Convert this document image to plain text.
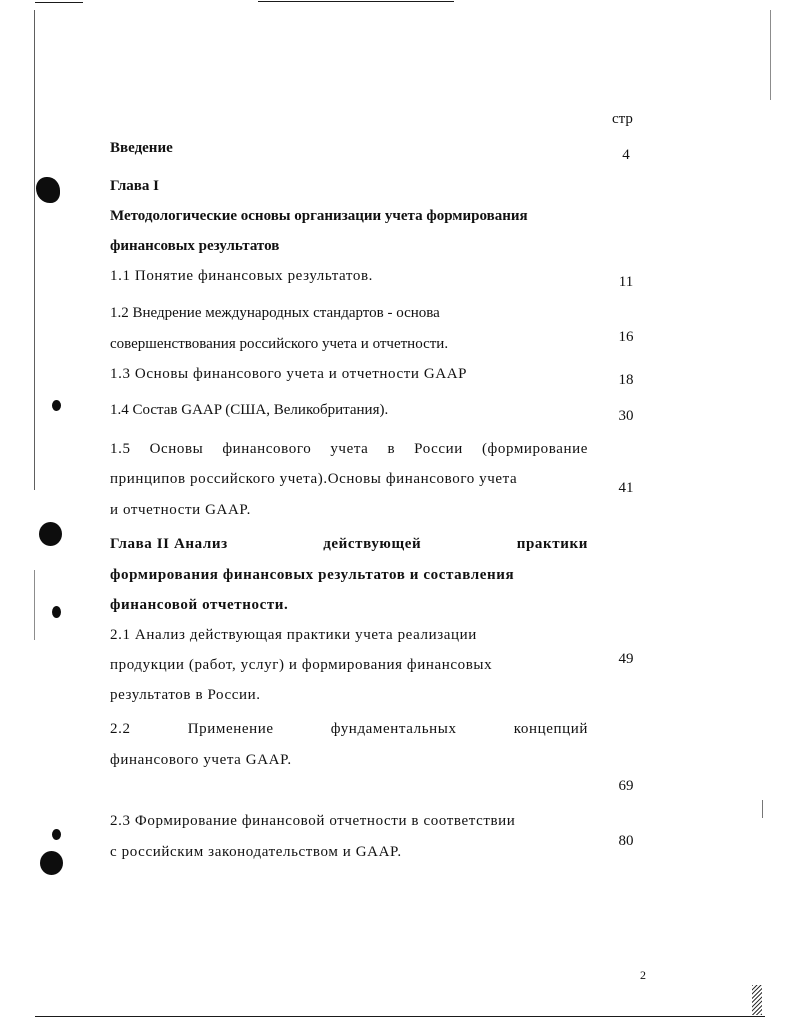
стр
Введение	4
Глава I
Методологические основы организации учета формирования
финансовых результатов
1.1 Понятие финансовых результатов.	11
1.2 Внедрение международных стандартов - основа
совершенствования российского учета и отчетности.	16
1.3 Основы финансового учета и отчетности GAAP	18
1.4 Состав GAAP (США, Великобритания).	30
1.5 Основы финансового учета в России (формирование
принципов российского учета).Основы финансового учета
и отчетности GAAP.
41
Глава II Анализ	действующей	практики
формирования финансовых результатов и составления
финансовой отчетности.
2.1 Анализ действующая практики учета реализации
продукции (работ, услуг) и формирования финансовых
результатов в России.
49
2.2	Применение	фундаментальных	концепций
финансового учета GAAP.
69
2.3 Формирование финансовой отчетности в соответствии
с российским законодательством и GAAP.
80
2
